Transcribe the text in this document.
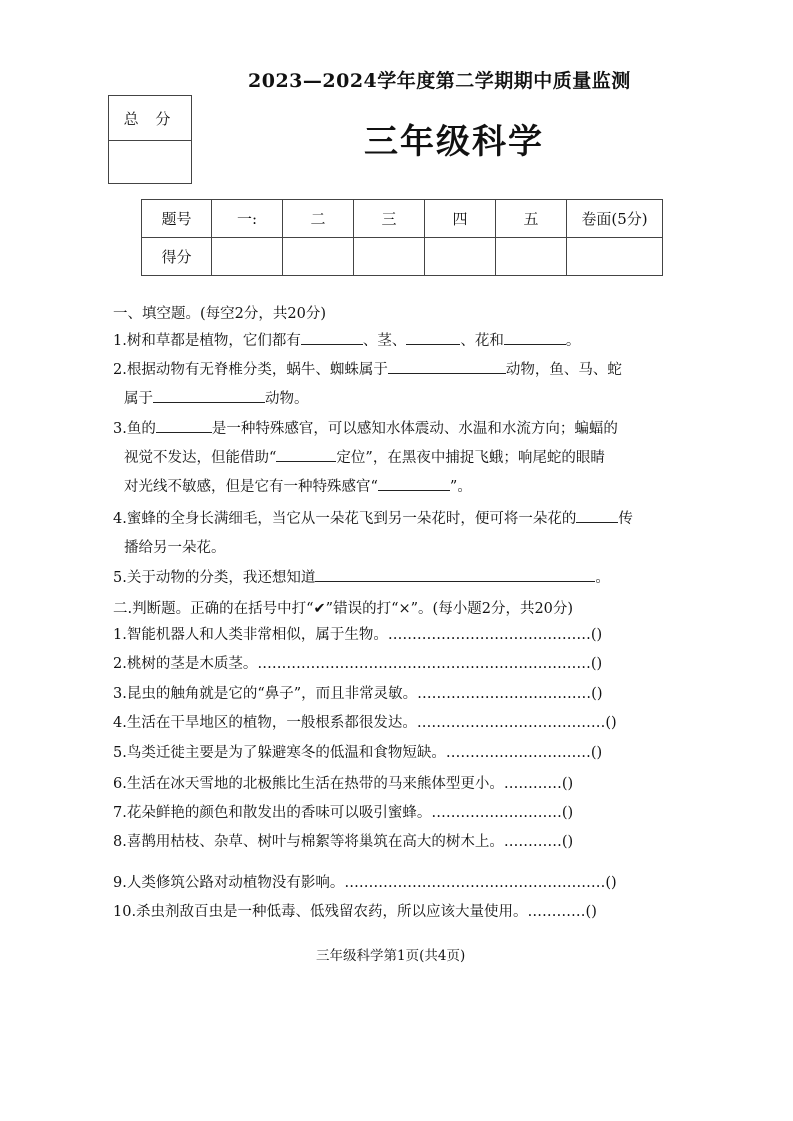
2023—2024学年度第二学期期中质量监测
总 分
三年级科学
题号	一:	二	三	四	五	卷面(5分)
得分						
一、填空题。(每空2分，共20分)
1.树和草都是植物，它们都有	、茎、	、花和	。
2.根据动物有无脊椎分类，蜗牛、蜘蛛属于	动物，鱼、马、蛇
属于	动物。
3.鱼的	是一种特殊感官，可以感知水体震动、水温和水流方向；蝙蝠的
视觉不发达，但能借助“	定位”，在黑夜中捕捉飞蛾；响尾蛇的眼睛
对光线不敏感，但是它有一种特殊感官“	”。
4.蜜蜂的全身长满细毛，当它从一朵花飞到另一朵花时，便可将一朵花的	传
播给另一朵花。
5.关于动物的分类，我还想知道	。
二.判断题。正确的在括号中打“✔”错误的打“×”。(每小题2分，共20分)
1.智能机器人和人类非常相似，属于生物。……………………………………()
2.桃树的茎是木质茎。……………………………………………………………()
3.昆虫的触角就是它的“鼻子”，而且非常灵敏。………………………………()
4.生活在干旱地区的植物，一般根系都很发达。…………………………………()
5.鸟类迁徙主要是为了躲避寒冬的低温和食物短缺。…………………………()
6.生活在冰天雪地的北极熊比生活在热带的马来熊体型更小。…………()
7.花朵鲜艳的颜色和散发出的香味可以吸引蜜蜂。………………………()
8.喜鹊用枯枝、杂草、树叶与棉絮等将巢筑在高大的树木上。…………()
9.人类修筑公路对动植物没有影响。………………………………………………()
10.杀虫剂敌百虫是一种低毒、低残留农药，所以应该大量使用。…………()
三年级科学第1页(共4页)
